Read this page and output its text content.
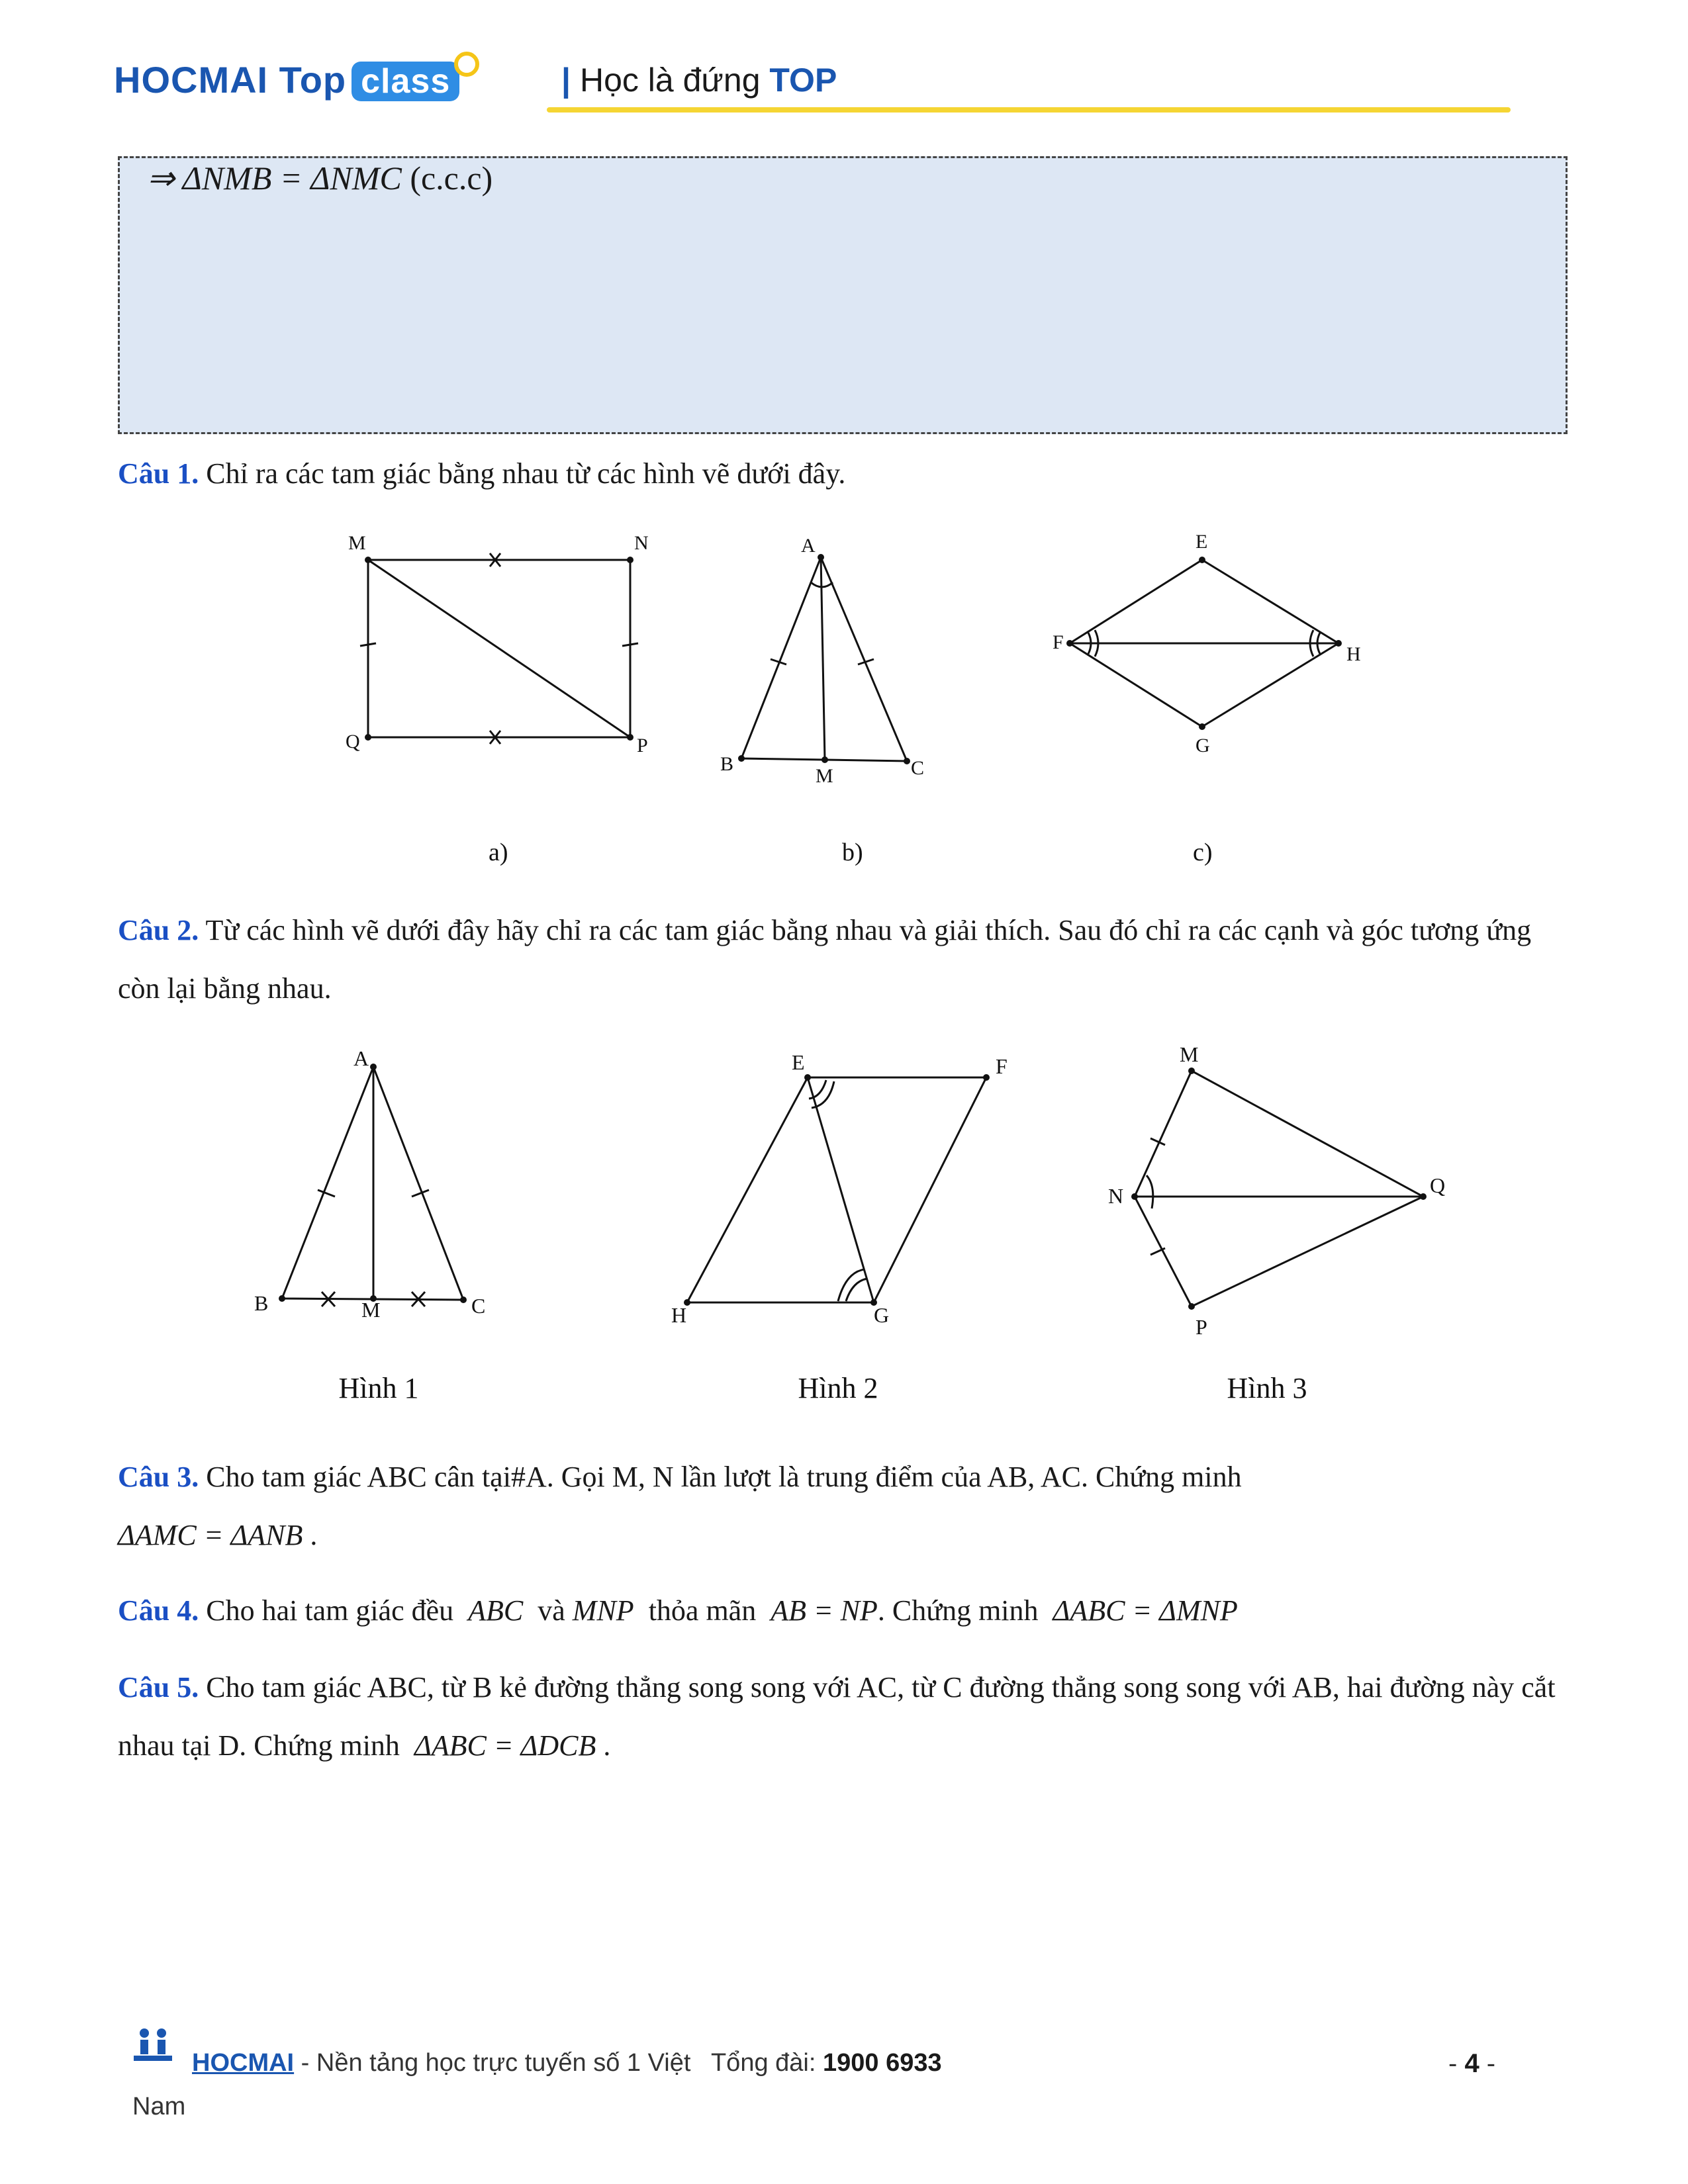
HOCMAI Top class	| Học là đứng TOP
⇒ ΔNMB = ΔNMC (c.c.c)
Câu 1. Chỉ ra các tam giác bằng nhau từ các hình vẽ dưới đây.
M	N
Q	P
a)
A
B
M	C
b)
E
F
H
G
c)
Câu 2. Từ các hình vẽ dưới đây hãy chỉ ra các tam giác bằng nhau và giải thích. Sau đó chỉ ra các cạnh và góc tương ứng còn lại bằng nhau.
A
B	M	C
Hình 1
E	F
H	G
Hình 2
M
N	Q
P
Hình 3
Câu 3. Cho tam giác ABC cân tại#A. Gọi M, N lần lượt là trung điểm của AB, AC. Chứng minh
ΔAMC = ΔANB .
Câu 4. Cho hai tam giác đều ABC và MNP thỏa mãn AB = NP. Chứng minh ΔABC = ΔMNP
Câu 5. Cho tam giác ABC, từ B kẻ đường thẳng song song với AC, từ C đường thẳng song song với AB, hai đường này cắt nhau tại D. Chứng minh ΔABC = ΔDCB .
HOCMAI - Nền tảng học trực tuyến số 1 Việt Tổng đài: 1900 6933
Nam
- 4 -
